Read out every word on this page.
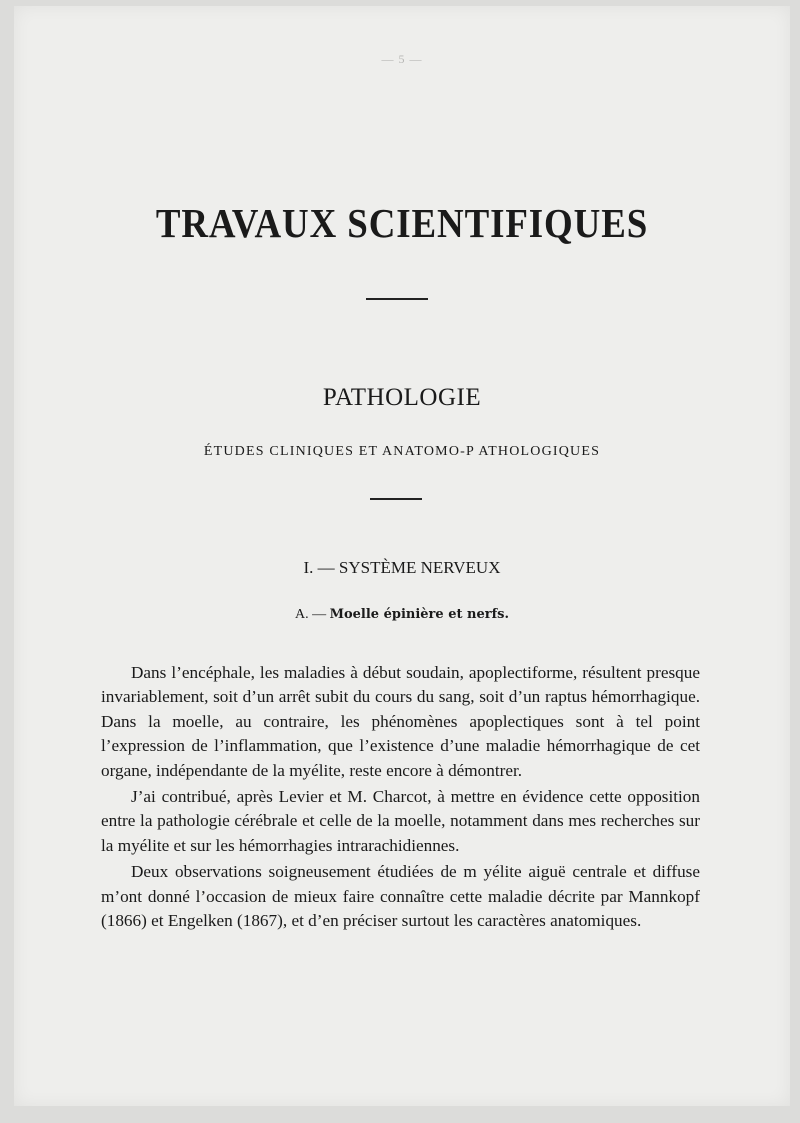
— 5 —
TRAVAUX SCIENTIFIQUES
PATHOLOGIE
ÉTUDES CLINIQUES ET ANATOMO-P ATHOLOGIQUES
I. — SYSTÈME NERVEUX
A. — Moelle épinière et nerfs.

Dans l’encéphale, les maladies à début soudain, apoplectiforme, résultent presque invariablement, soit d’un arrêt subit du cours du sang, soit d’un raptus hémorrhagique. Dans la moelle, au contraire, les phénomènes apoplectiques sont à tel point l’expression de l’inflammation, que l’existence d’une maladie hémorrhagique de cet organe, indépendante de la myélite, reste encore à démontrer.

J’ai contribué, après Levier et M. Charcot, à mettre en évidence cette opposition entre la pathologie cérébrale et celle de la moelle, notamment dans mes recherches sur la myélite et sur les hémorrhagies intrarachidiennes.

Deux observations soigneusement étudiées de m yélite aiguë centrale et diffuse m’ont donné l’occasion de mieux faire connaître cette maladie décrite par Mannkopf (1866) et Engelken (1867), et d’en préciser surtout les caractères anatomiques.
